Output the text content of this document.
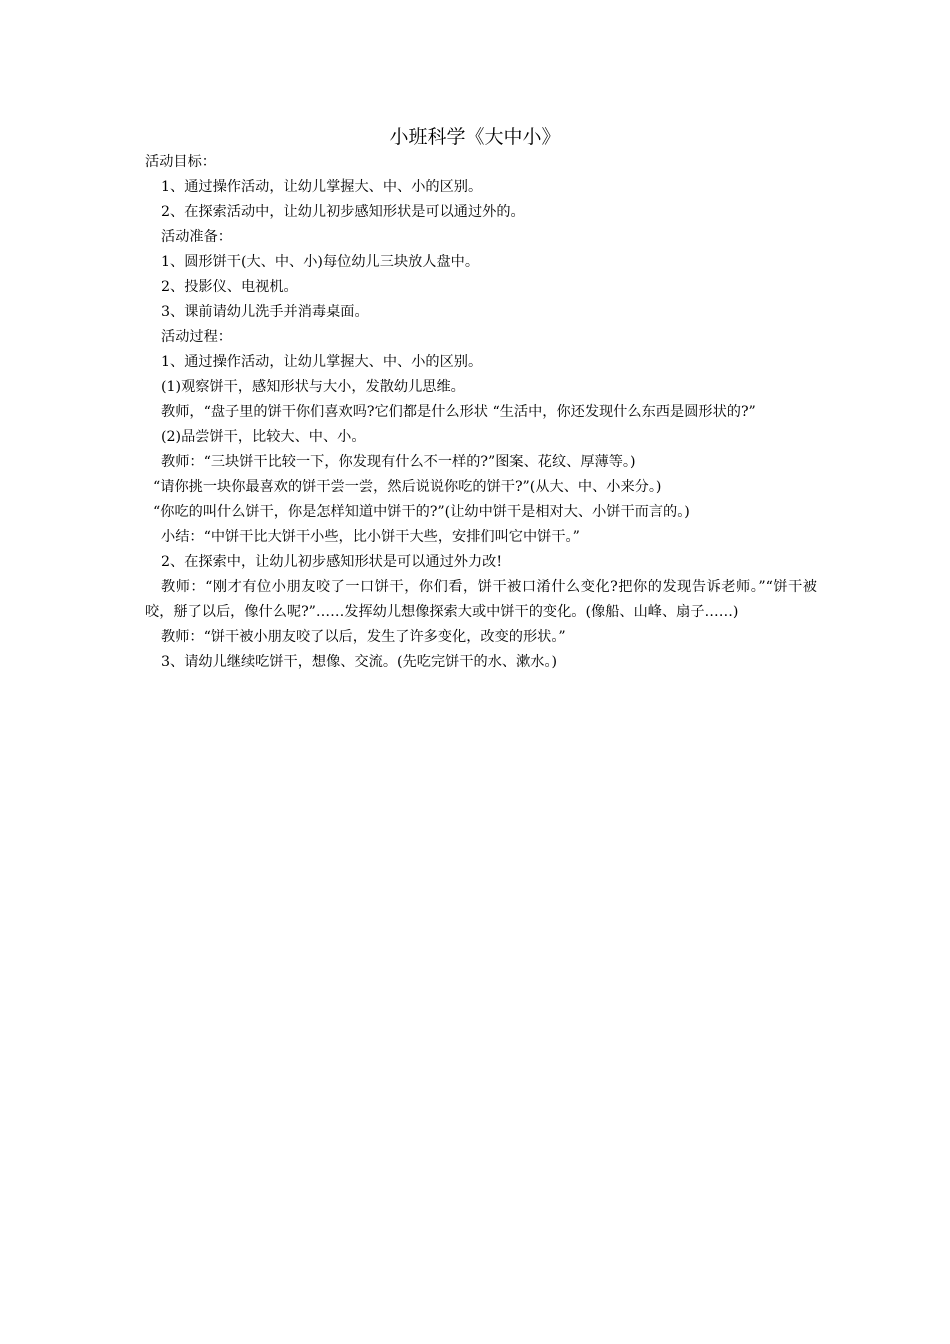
小班科学《大中小》

活动目标：

1、通过操作活动，让幼儿掌握大、中、小的区别。

2、在探索活动中，让幼儿初步感知形状是可以通过外的。

活动准备：

1、圆形饼干(大、中、小)每位幼儿三块放人盘中。

2、投影仪、电视机。

3、课前请幼儿洗手并消毒桌面。

活动过程：

1、通过操作活动，让幼儿掌握大、中、小的区别。

(1)观察饼干，感知形状与大小，发散幼儿思维。

教师，“盘子里的饼干你们喜欢吗?它们都是什么形状 “生活中，你还发现什么东西是圆形状的?”

(2)品尝饼干，比较大、中、小。

教师：“三块饼干比较一下，你发现有什么不一样的?”图案、花纹、厚薄等。)

“请你挑一块你最喜欢的饼干尝一尝，然后说说你吃的饼干?”(从大、中、小来分。)

“你吃的叫什么饼干，你是怎样知道中饼干的?”(让幼中饼干是相对大、小饼干而言的。)

小结：“中饼干比大饼干小些，比小饼干大些，安排们叫它中饼干。”

2、在探索中，让幼儿初步感知形状是可以通过外力改!

教师：“刚才有位小朋友咬了一口饼干，你们看，饼干被口淆什么变化?把你的发现告诉老师。”“饼干被咬，掰了以后，像什么呢?”……发挥幼儿想像探索大或中饼干的变化。(像船、山峰、扇子……)

教师：“饼干被小朋友咬了以后，发生了许多变化，改变的形状。”

3、请幼儿继续吃饼干，想像、交流。(先吃完饼干的水、漱水。)
